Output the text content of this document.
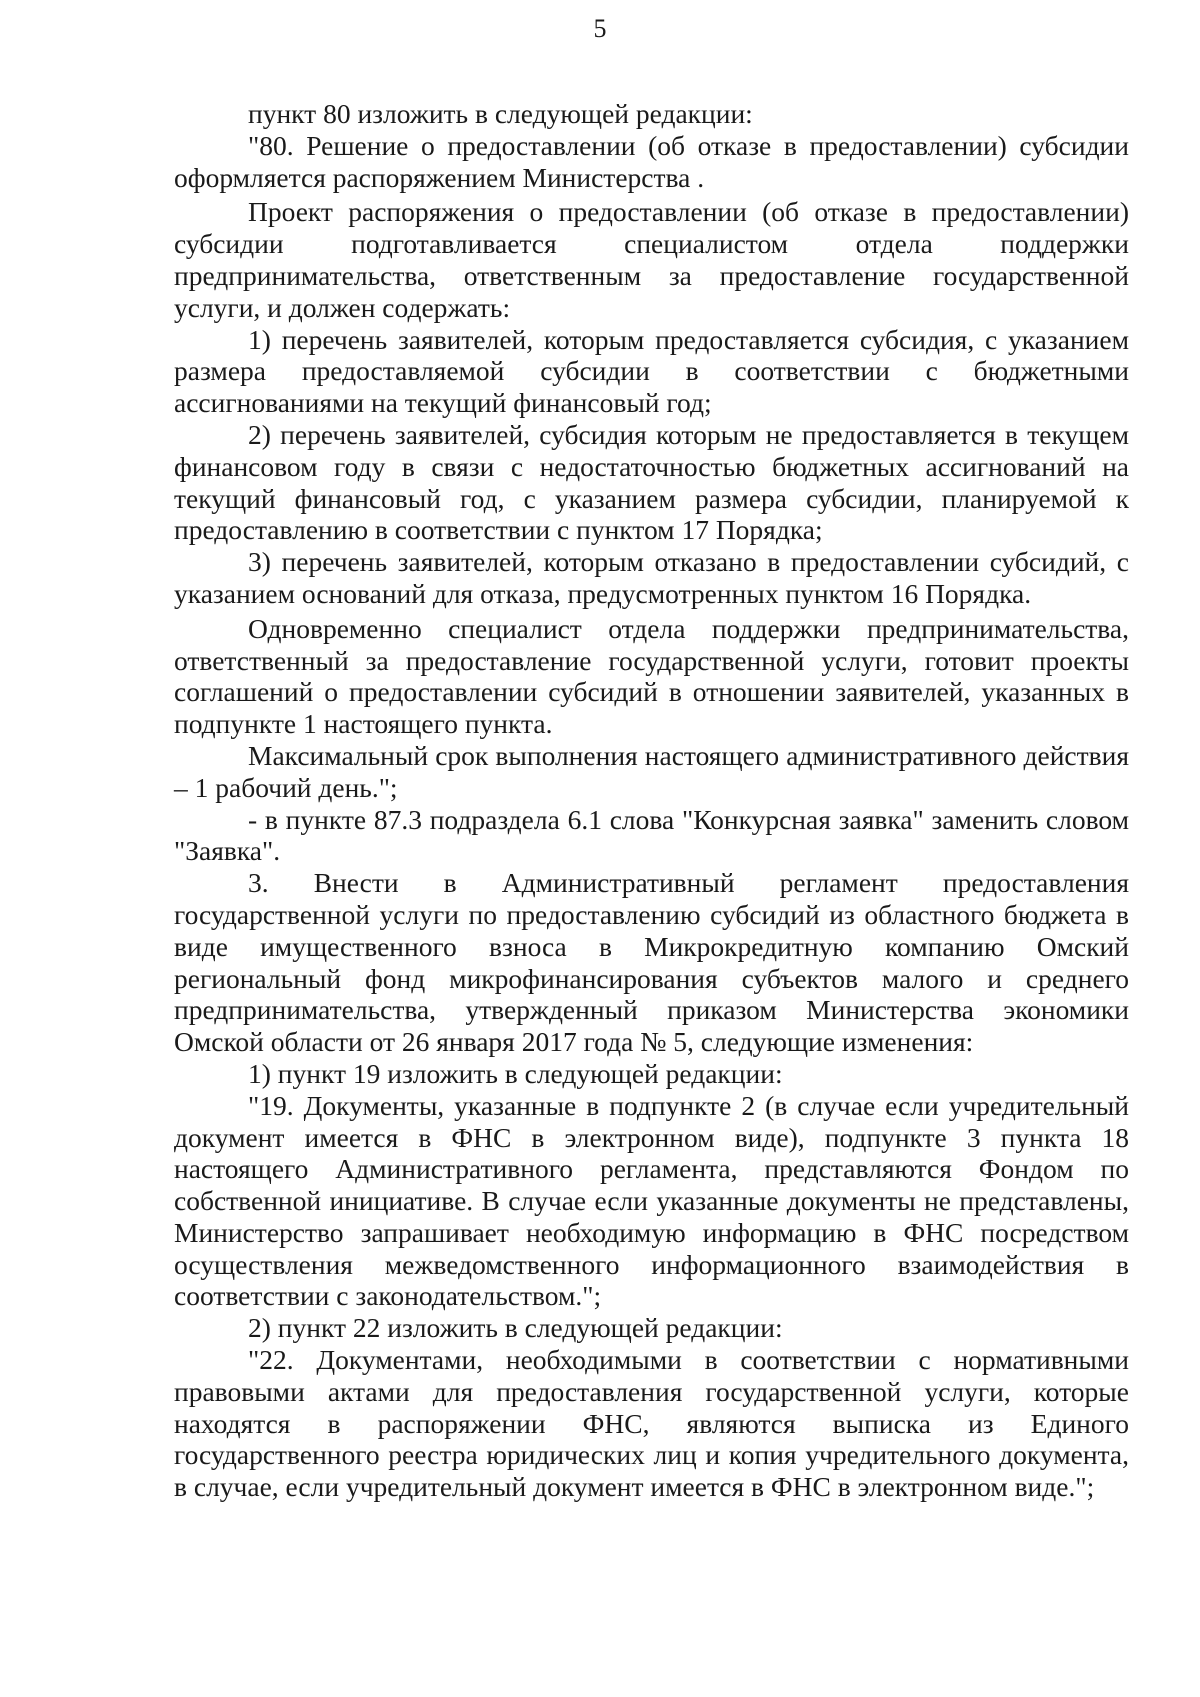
5

пункт 80 изложить в следующей редакции:

"80. Решение о предоставлении (об отказе в предоставлении) субсидии оформляется распоряжением Министерства .

Проект распоряжения о предоставлении (об отказе в предоставлении) субсидии подготавливается специалистом отдела поддержки предпринимательства, ответственным за предоставление государственной услуги, и должен содержать:

1) перечень заявителей, которым предоставляется субсидия, с указанием размера предоставляемой субсидии в соответствии с бюджетными ассигнованиями на текущий финансовый год;

2) перечень заявителей, субсидия которым не предоставляется в текущем финансовом году в связи с недостаточностью бюджетных ассигнований на текущий финансовый год, с указанием размера субсидии, планируемой к предоставлению в соответствии с пунктом 17 Порядка;

3) перечень заявителей, которым отказано в предоставлении субсидий, с указанием оснований для отказа, предусмотренных пунктом 16 Порядка.

Одновременно специалист отдела поддержки предпринимательства, ответственный за предоставление государственной услуги, готовит проекты соглашений о предоставлении субсидий в отношении заявителей, указанных в подпункте 1 настоящего пункта.

Максимальный срок выполнения настоящего административного действия – 1 рабочий день.";

- в пункте 87.3 подраздела 6.1 слова "Конкурсная заявка" заменить словом "Заявка".

3. Внести в Административный регламент предоставления государственной услуги по предоставлению субсидий из областного бюджета в виде имущественного взноса в Микрокредитную компанию Омский региональный фонд микрофинансирования субъектов малого и среднего предпринимательства, утвержденный приказом Министерства экономики Омской области от 26 января 2017 года № 5, следующие изменения:

1) пункт 19 изложить в следующей редакции:

"19. Документы, указанные в подпункте 2 (в случае если учредительный документ имеется в ФНС в электронном виде), подпункте 3 пункта 18 настоящего Административного регламента, представляются Фондом по собственной инициативе. В случае если указанные документы не представлены, Министерство запрашивает необходимую информацию в ФНС посредством осуществления межведомственного информационного взаимодействия в соответствии с законодательством.";

2) пункт 22 изложить в следующей редакции:

"22. Документами, необходимыми в соответствии с нормативными правовыми актами для предоставления государственной услуги, которые находятся в распоряжении ФНС, являются выписка из Единого государственного реестра юридических лиц и копия учредительного документа, в случае, если учредительный документ имеется в ФНС в электронном виде.";
